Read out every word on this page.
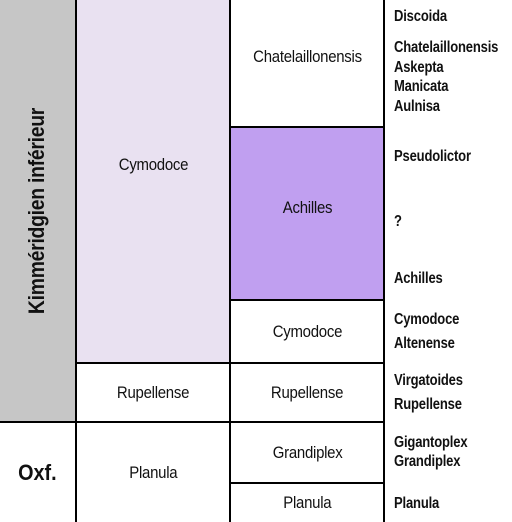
Kimméridgien inférieur
Oxf.
Cymodoce
Rupellense
Planula
Chatelaillonensis
Achilles
Cymodoce
Rupellense
Grandiplex
Planula
Discoida
Chatelaillonensis
Askepta
Manicata
Aulnisa
Pseudolictor
?
Achilles
Cymodoce
Altenense
Virgatoides
Rupellense
Gigantoplex
Grandiplex
Planula
